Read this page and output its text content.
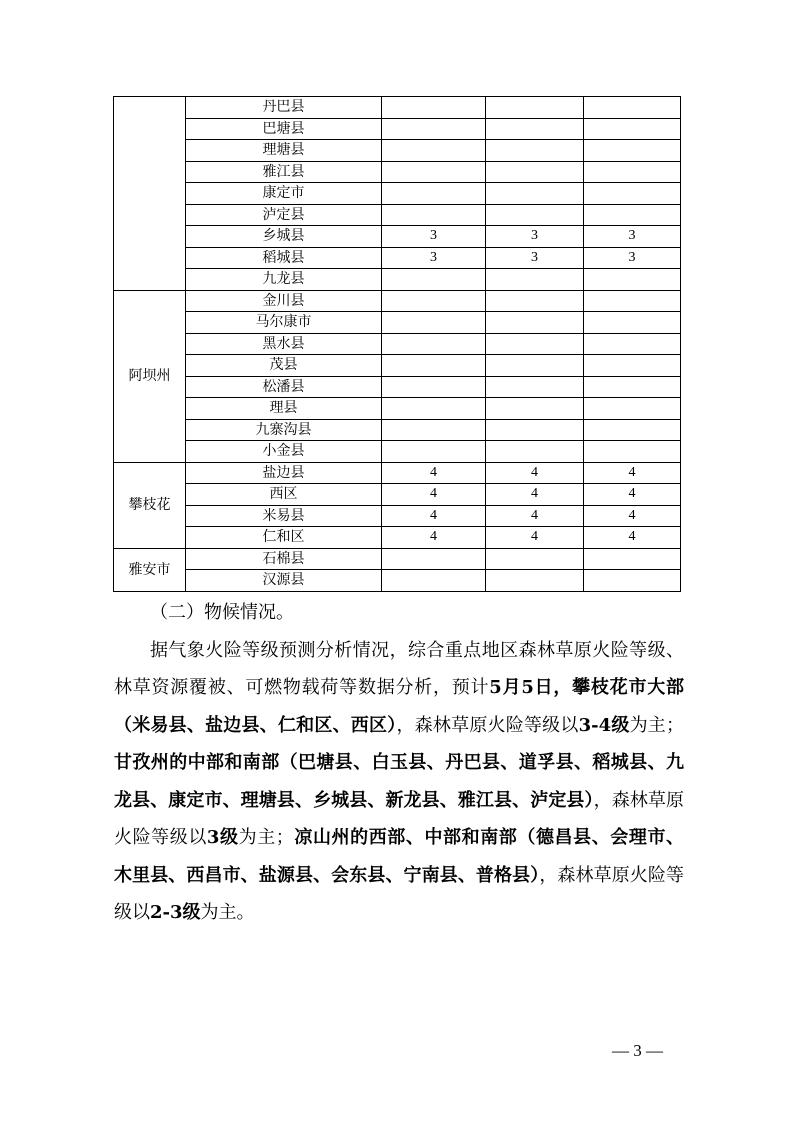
	丹巴县			
	巴塘县			
	理塘县			
	雅江县			
	康定市			
	泸定县			
	乡城县	3	3	3
	稻城县	3	3	3
	九龙县			
阿坝州	金川县			
	马尔康市			
	黑水县			
	茂县			
	松潘县			
	理县			
	九寨沟县			
	小金县			
攀枝花	盐边县	4	4	4
	西区	4	4	4
	米易县	4	4	4
	仁和区	4	4	4
雅安市	石棉县			
	汉源县			

（二）物候情况。

据气象火险等级预测分析情况，综合重点地区森林草原火险等级、林草资源覆被、可燃物载荷等数据分析，预计5月5日，攀枝花市大部（米易县、盐边县、仁和区、西区），森林草原火险等级以3-4级为主；甘孜州的中部和南部（巴塘县、白玉县、丹巴县、道孚县、稻城县、九龙县、康定市、理塘县、乡城县、新龙县、雅江县、泸定县），森林草原火险等级以3级为主；凉山州的西部、中部和南部（德昌县、会理市、木里县、西昌市、盐源县、会东县、宁南县、普格县），森林草原火险等级以2-3级为主。

— 3 —
